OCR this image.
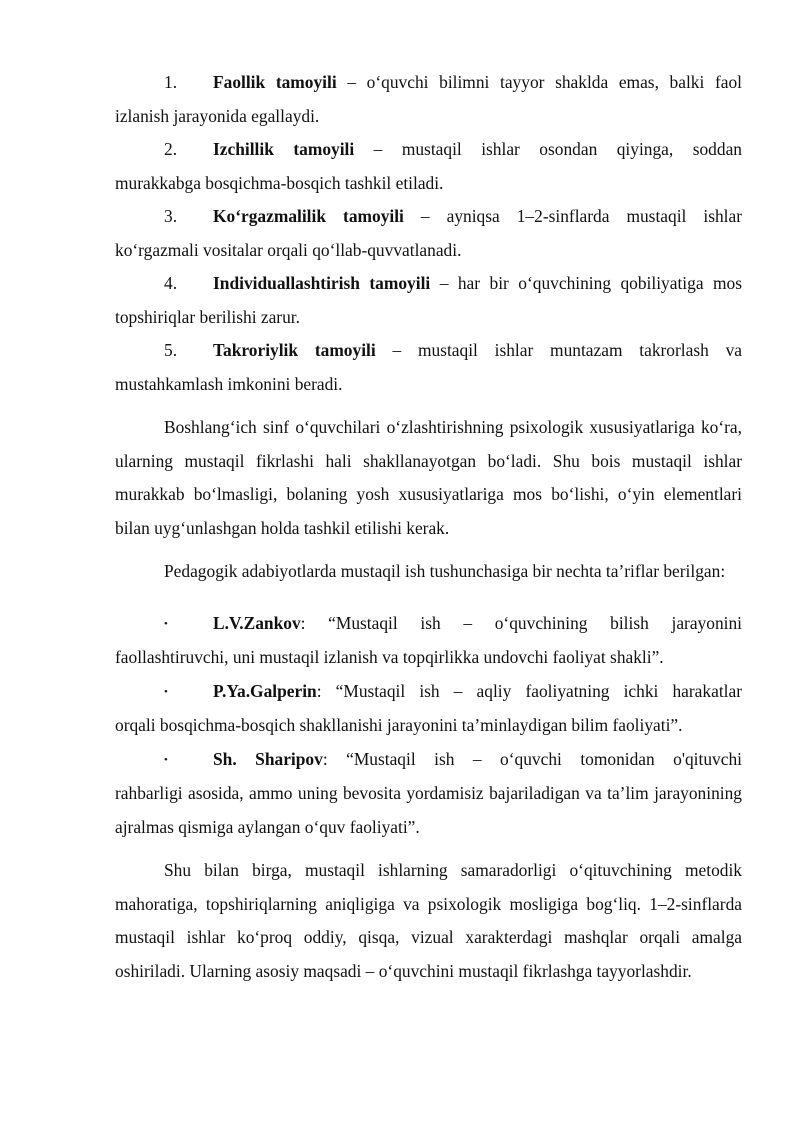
1. Faollik tamoyili – o‘quvchi bilimni tayyor shaklda emas, balki faol
izlanish jarayonida egallaydi.
2. Izchillik tamoyili – mustaqil ishlar osondan qiyinga, soddan
murakkabga bosqichma-bosqich tashkil etiladi.
3. Ko‘rgazmalilik tamoyili – ayniqsa 1–2-sinflarda mustaqil ishlar
ko‘rgazmali vositalar orqali qo‘llab-quvvatlanadi.
4. Individuallashtirish tamoyili – har bir o‘quvchining qobiliyatiga mos
topshiriqlar berilishi zarur.
5. Takroriylik tamoyili – mustaqil ishlar muntazam takrorlash va
mustahkamlash imkonini beradi.

Boshlang‘ich sinf o‘quvchilari o‘zlashtirishning psixologik xususiyatlariga ko‘ra, ularning mustaqil fikrlashi hali shakllanayotgan bo‘ladi. Shu bois mustaqil ishlar murakkab bo‘lmasligi, bolaning yosh xususiyatlariga mos bo‘lishi, o‘yin elementlari bilan uyg‘unlashgan holda tashkil etilishi kerak.

Pedagogik adabiyotlarda mustaqil ish tushunchasiga bir nechta ta’riflar berilgan:

•	L.V.Zankov: “Mustaqil ish – o‘quvchining bilish jarayonini
faollashtiruvchi, uni mustaqil izlanish va topqirlikka undovchi faoliyat shakli”.
•	P.Ya.Galperin: “Mustaqil ish – aqliy faoliyatning ichki harakatlar
orqali bosqichma-bosqich shakllanishi jarayonini ta’minlaydigan bilim faoliyati”.
•	Sh. Sharipov: “Mustaqil ish – o‘quvchi tomonidan o'qituvchi
rahbarligi asosida, ammo uning bevosita yordamisiz bajariladigan va ta’lim jarayonining ajralmas qismiga aylangan o‘quv faoliyati”.

Shu bilan birga, mustaqil ishlarning samaradorligi o‘qituvchining metodik mahoratiga, topshiriqlarning aniqligiga va psixologik mosligiga bog‘liq. 1–2-sinflarda mustaqil ishlar ko‘proq oddiy, qisqa, vizual xarakterdagi mashqlar orqali amalga oshiriladi. Ularning asosiy maqsadi – o‘quvchini mustaqil fikrlashga tayyorlashdir.
